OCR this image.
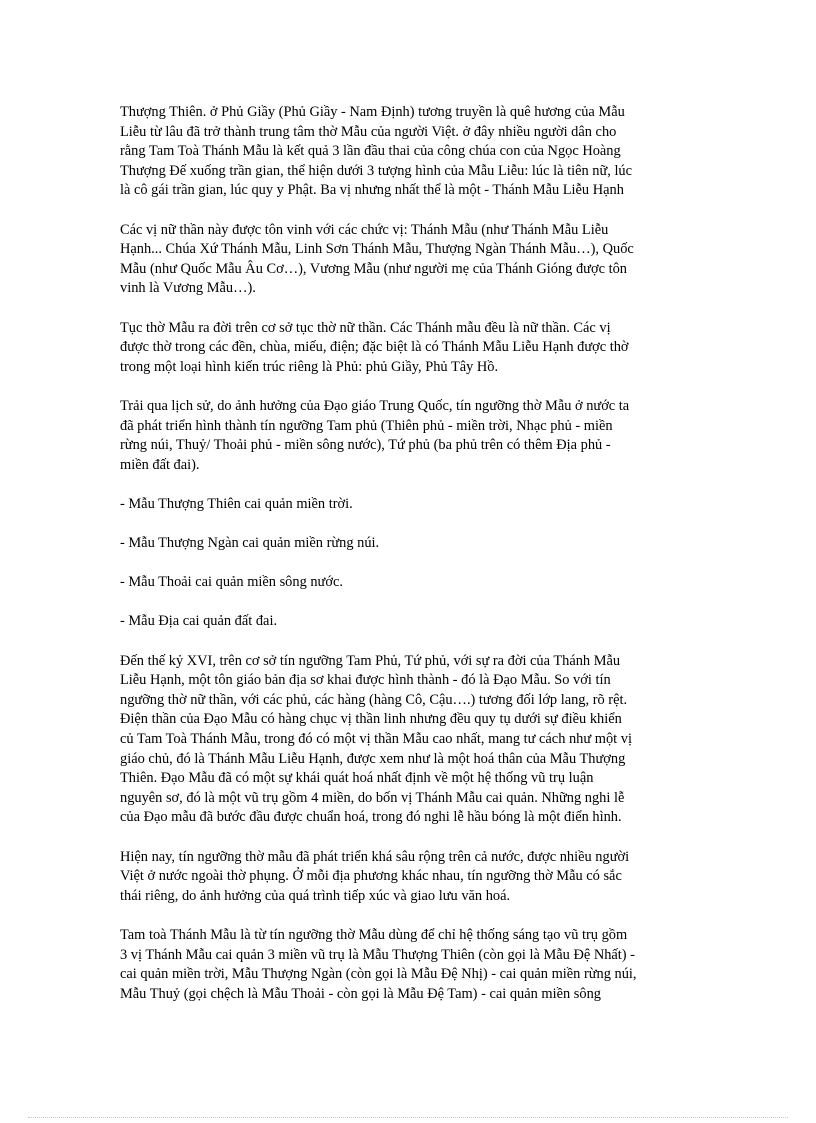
Thượng Thiên. ở Phủ Giầy (Phủ Giầy - Nam Định) tương truyền là quê hương của Mẫu
Liễu từ lâu đã trở thành trung tâm thờ Mẫu của người Việt. ở đây nhiều người dân cho
rằng Tam Toà Thánh Mẫu là kết quả 3 lần đầu thai của công chúa con của Ngọc Hoàng
Thượng Đế xuống trần gian, thể hiện dưới 3 tượng hình của Mẫu Liễu: lúc là tiên nữ, lúc
là cô gái trần gian, lúc quy y Phật. Ba vị nhưng nhất thể là một - Thánh Mẫu Liễu Hạnh

Các vị nữ thần này được tôn vinh với các chức vị: Thánh Mẫu (như Thánh Mẫu Liễu
Hạnh... Chúa Xứ Thánh Mẫu, Linh Sơn Thánh Mẫu, Thượng Ngàn Thánh Mẫu…), Quốc
Mẫu (như Quốc Mẫu Âu Cơ…), Vương Mẫu (như người mẹ của Thánh Gióng được tôn
vinh là Vương Mẫu…).

Tục thờ Mẫu ra đời trên cơ sở tục thờ nữ thần. Các Thánh mẫu đều là nữ thần. Các vị
được thờ trong các đền, chùa, miếu, điện; đặc biệt là có Thánh Mẫu Liễu Hạnh được thờ
trong một loại hình kiến trúc riêng là Phủ: phủ Giầy, Phủ Tây Hồ.

Trải qua lịch sử, do ảnh hưởng của Đạo giáo Trung Quốc, tín ngưỡng thờ Mẫu ở nước ta
đã phát triển hình thành tín ngưỡng Tam phủ (Thiên phủ - miền trời, Nhạc phủ - miền
rừng núi, Thuỷ/ Thoải phủ - miền sông nước), Tứ phủ (ba phủ trên có thêm Địa phủ -
miền đất đai).

- Mẫu Thượng Thiên cai quản miền trời.

- Mẫu Thượng Ngàn cai quản miền rừng núi.

- Mẫu Thoải cai quản miền sông nước.

- Mẫu Địa cai quản đất đai.

Đến thế kỷ XVI, trên cơ sở tín ngưỡng Tam Phủ, Tứ phủ, với sự ra đời của Thánh Mẫu
Liễu Hạnh, một tôn giáo bản địa sơ khai được hình thành - đó là Đạo Mẫu. So với tín
ngưỡng thờ nữ thần, với các phủ, các hàng (hàng Cô, Cậu….) tương đối lớp lang, rõ rệt.
Điện thần của Đạo Mẫu có hàng chục vị thần linh nhưng đều quy tụ dưới sự điều khiển
củ Tam Toà Thánh Mẫu, trong đó có một vị thần Mẫu cao nhất, mang tư cách như một vị
giáo chủ, đó là Thánh Mẫu Liễu Hạnh, được xem như là một hoá thân của Mẫu Thượng
Thiên. Đạo Mẫu đã có một sự khái quát hoá nhất định về một hệ thống vũ trụ luận
nguyên sơ, đó là một vũ trụ gồm 4 miền, do bốn vị Thánh Mẫu cai quản. Những nghi lễ
của Đạo mẫu đã bước đầu được chuẩn hoá, trong đó nghi lễ hầu bóng là một điển hình.

Hiện nay, tín ngưỡng thờ mẫu đã phát triển khá sâu rộng trên cả nước, được nhiều người
Việt ở nước ngoài thờ phụng. Ở mỗi địa phương khác nhau, tín ngưỡng thờ Mẫu có sắc
thái riêng, do ảnh hưởng của quá trình tiếp xúc và giao lưu văn hoá.

Tam toà Thánh Mẫu là từ tín ngưỡng thờ Mẫu dùng để chỉ hệ thống sáng tạo vũ trụ gồm
3 vị Thánh Mẫu cai quản 3 miền vũ trụ là Mẫu Thượng Thiên (còn gọi là Mẫu Đệ Nhất) -
cai quản miền trời, Mẫu Thượng Ngàn (còn gọi là Mẫu Đệ Nhị) - cai quản miền rừng núi,
Mẫu Thuỷ (gọi chệch là Mẫu Thoải - còn gọi là Mẫu Đệ Tam) - cai quản miền sông
